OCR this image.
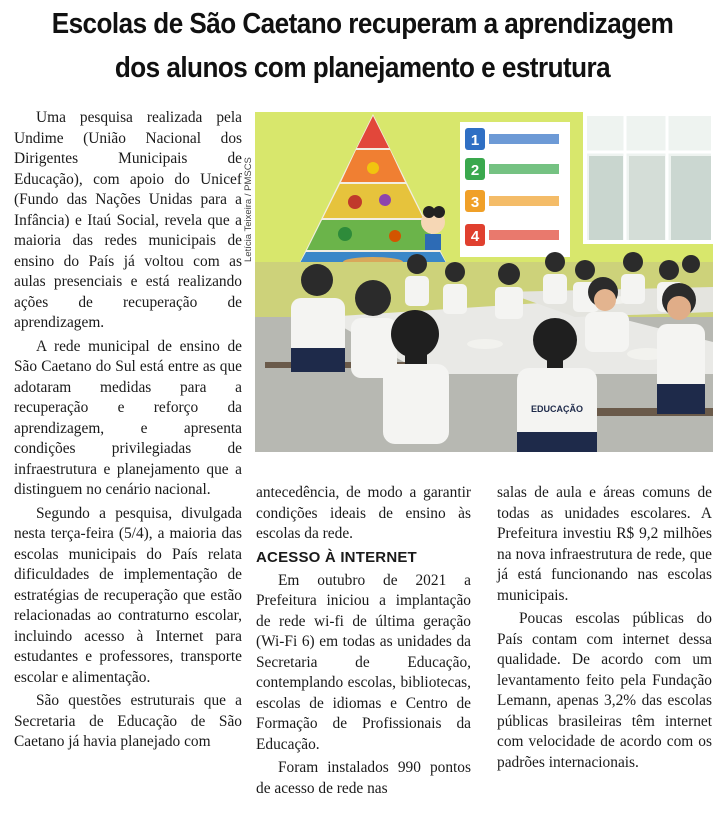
Escolas de São Caetano recuperam a aprendizagem
dos alunos com planejamento e estrutura

Uma pesquisa realizada pela Undime (União Nacional dos Dirigentes Municipais de Educação), com apoio do Unicef (Fundo das Nações Unidas para a Infância) e Itaú Social, revela que a maioria das redes municipais de ensino do País já voltou com as aulas presenciais e está realizando ações de recuperação de aprendizagem.

A rede municipal de ensino de São Caetano do Sul está entre as que adotaram medidas para a recuperação e reforço da aprendizagem, e apresenta condições privilegiadas de infraestrutura e planejamento que a distinguem no cenário nacional.

Segundo a pesquisa, divulgada nesta terça-feira (5/4), a maioria das escolas municipais do País relata dificuldades de implementação de estratégias de recuperação que estão relacionadas ao contraturno escolar, incluindo acesso à Internet para estudantes e professores, transporte escolar e alimentação.

São questões estruturais que a Secretaria de Educação de São Caetano já havia planejado com

Letícia Teixeira / PMSCS
1
2
3
4
EDUCAÇÃO

antecedência, de modo a garantir condições ideais de ensino às escolas da rede.

ACESSO À INTERNET

Em outubro de 2021 a Prefeitura iniciou a implantação de rede wi-fi de última geração (Wi-Fi 6) em todas as unidades da Secretaria de Educação, contemplando escolas, bibliotecas, escolas de idiomas e Centro de Formação de Profissionais da Educação.

Foram instalados 990 pontos de acesso de rede nas

salas de aula e áreas comuns de todas as unidades escolares. A Prefeitura investiu R$ 9,2 milhões na nova infraestrutura de rede, que já está funcionando nas escolas municipais.

Poucas escolas públicas do País contam com internet dessa qualidade. De acordo com um levantamento feito pela Fundação Lemann, apenas 3,2% das escolas públicas brasileiras têm internet com velocidade de acordo com os padrões internacionais.
